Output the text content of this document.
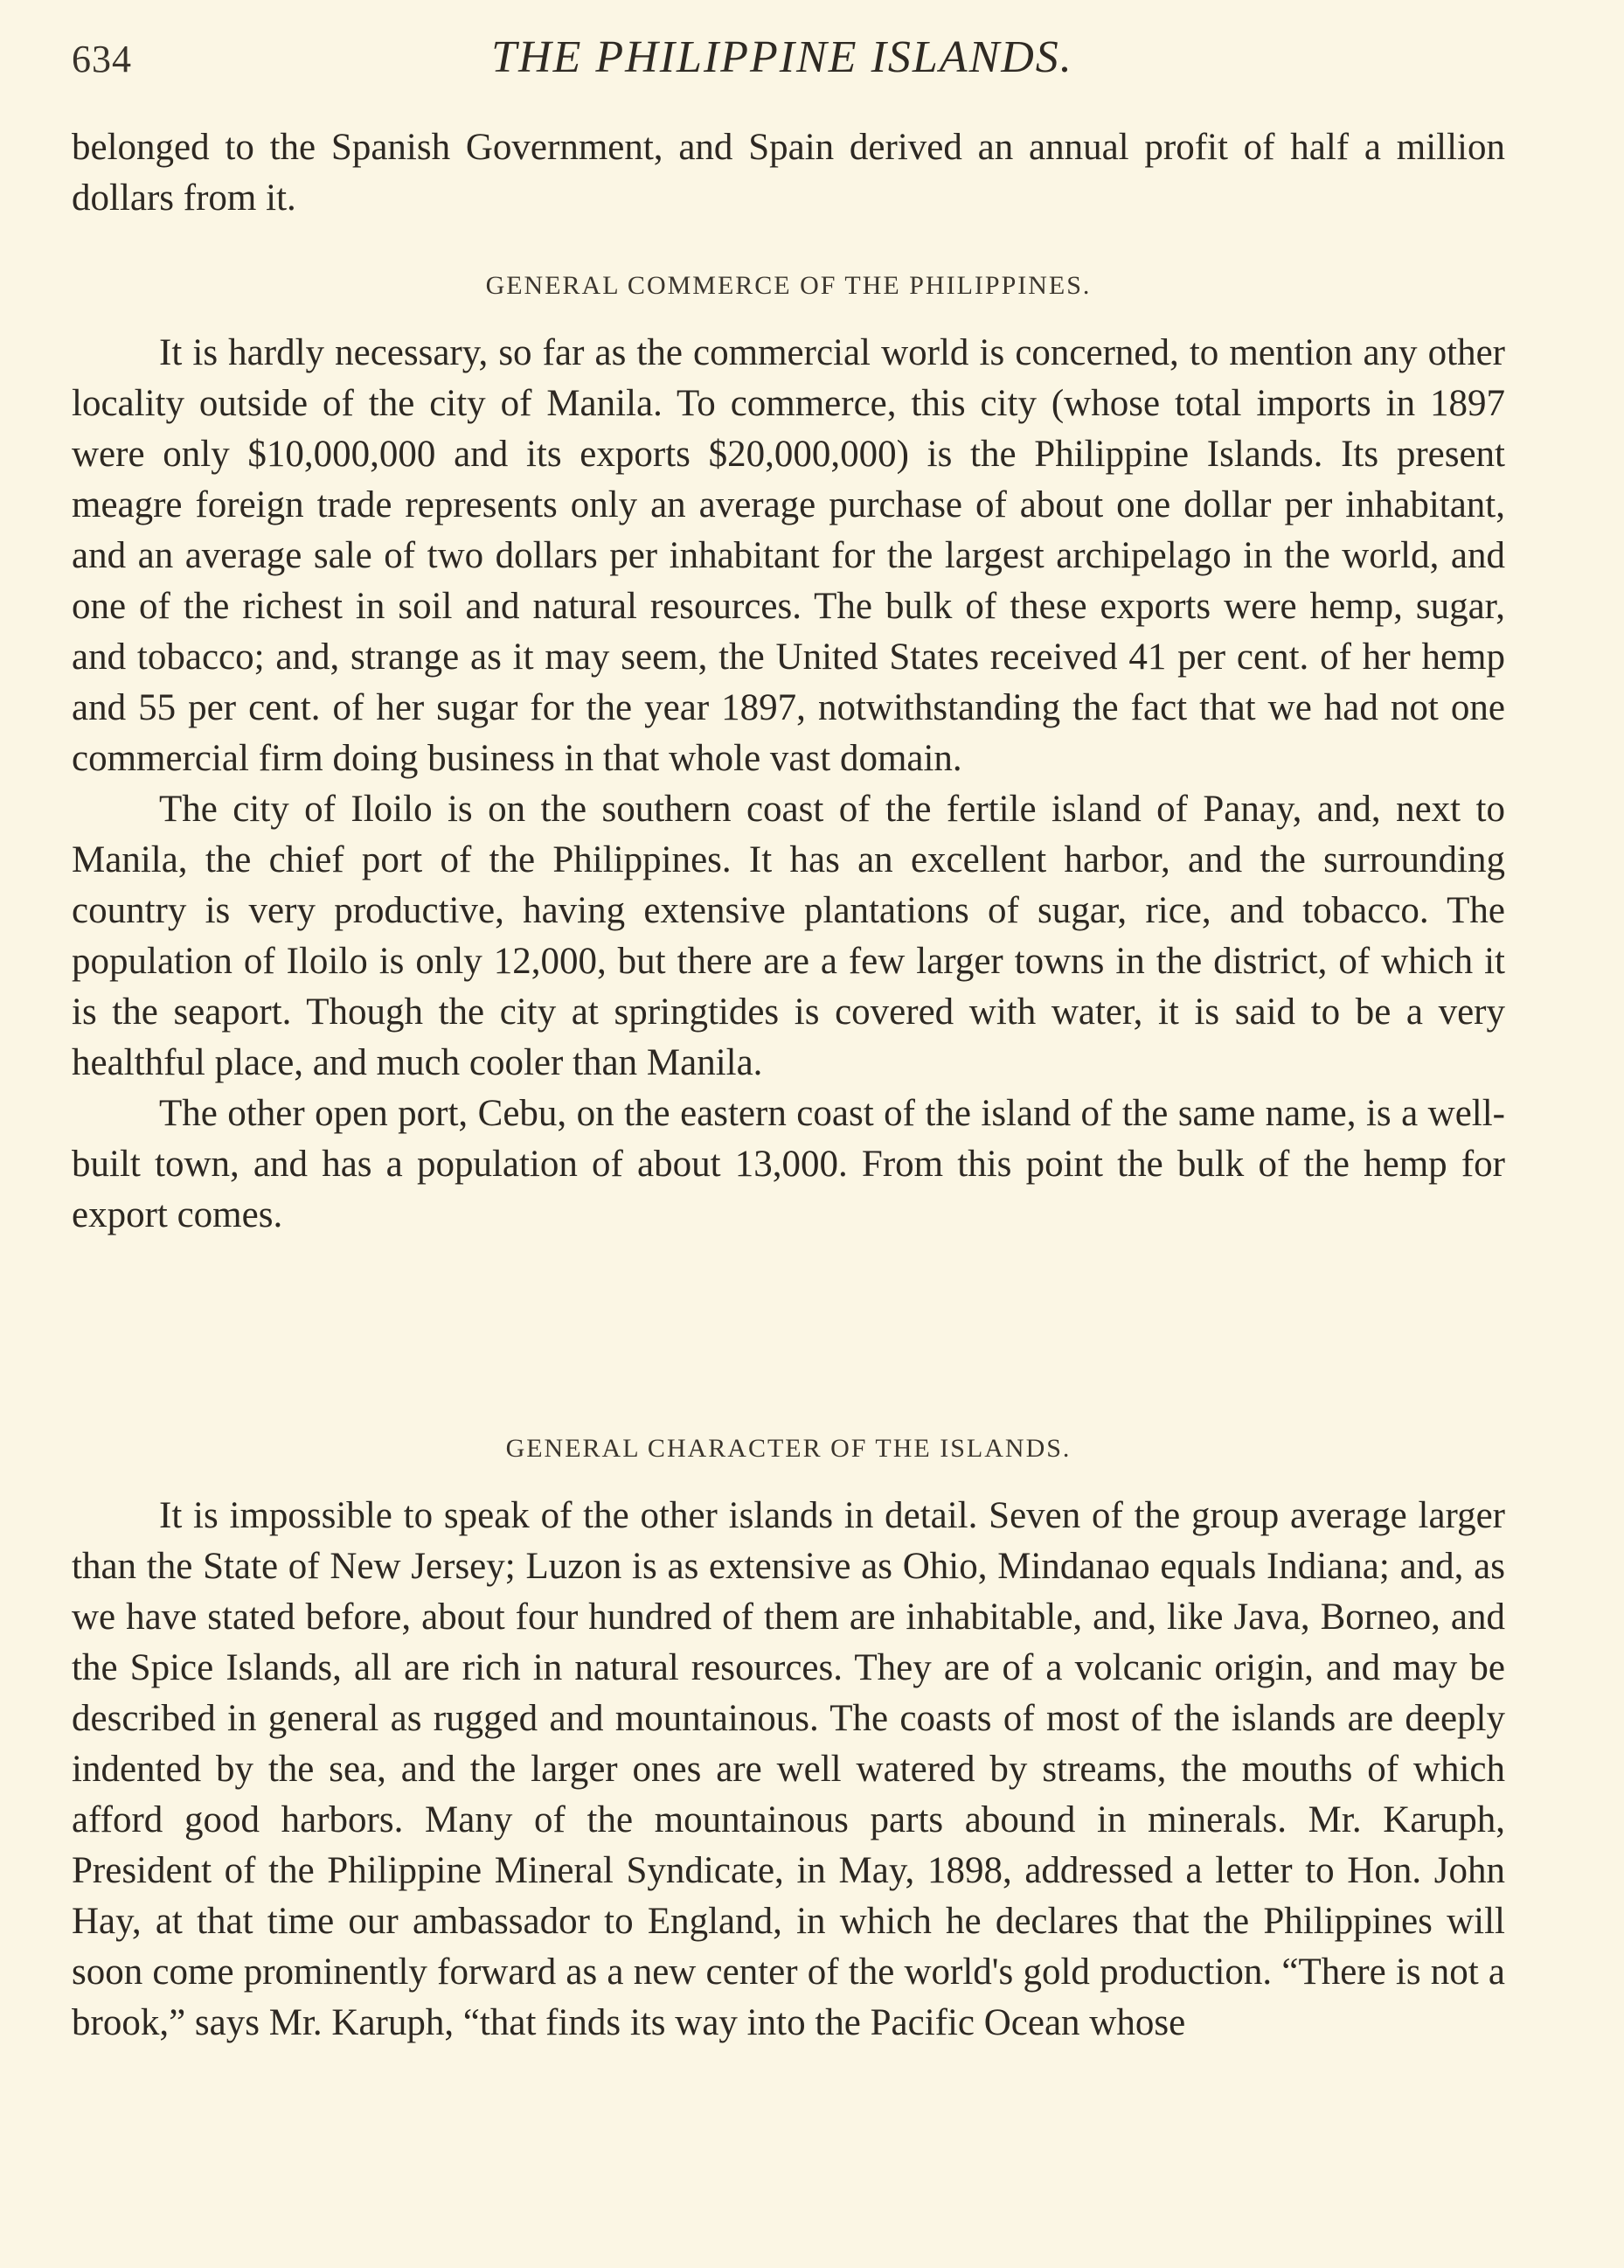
634	THE PHILIPPINE ISLANDS.

belonged to the Spanish Government, and Spain derived an annual profit of half a million dollars from it.

GENERAL COMMERCE OF THE PHILIPPINES.

It is hardly necessary, so far as the commercial world is concerned, to mention any other locality outside of the city of Manila. To commerce, this city (whose total imports in 1897 were only $10,000,000 and its exports $20,000,000) is the Philippine Islands. Its present meagre foreign trade represents only an average purchase of about one dollar per inhabitant, and an average sale of two dollars per inhabitant for the largest archipelago in the world, and one of the richest in soil and natural resources. The bulk of these exports were hemp, sugar, and tobacco; and, strange as it may seem, the United States received 41 per cent. of her hemp and 55 per cent. of her sugar for the year 1897, notwithstanding the fact that we had not one commercial firm doing business in that whole vast domain.

The city of Iloilo is on the southern coast of the fertile island of Panay, and, next to Manila, the chief port of the Philippines. It has an excellent harbor, and the surrounding country is very productive, having extensive plantations of sugar, rice, and tobacco. The population of Iloilo is only 12,000, but there are a few larger towns in the district, of which it is the seaport. Though the city at springtides is covered with water, it is said to be a very healthful place, and much cooler than Manila.

The other open port, Cebu, on the eastern coast of the island of the same name, is a well-built town, and has a population of about 13,000. From this point the bulk of the hemp for export comes.

GENERAL CHARACTER OF THE ISLANDS.

It is impossible to speak of the other islands in detail. Seven of the group average larger than the State of New Jersey; Luzon is as extensive as Ohio, Mindanao equals Indiana; and, as we have stated before, about four hundred of them are inhabitable, and, like Java, Borneo, and the Spice Islands, all are rich in natural resources. They are of a volcanic origin, and may be described in general as rugged and mountainous. The coasts of most of the islands are deeply indented by the sea, and the larger ones are well watered by streams, the mouths of which afford good harbors. Many of the mountainous parts abound in minerals. Mr. Karuph, President of the Philippine Mineral Syndicate, in May, 1898, addressed a letter to Hon. John Hay, at that time our ambassador to England, in which he declares that the Philippines will soon come prominently forward as a new center of the world's gold production. “There is not a brook,” says Mr. Karuph, “that finds its way into the Pacific Ocean whose
